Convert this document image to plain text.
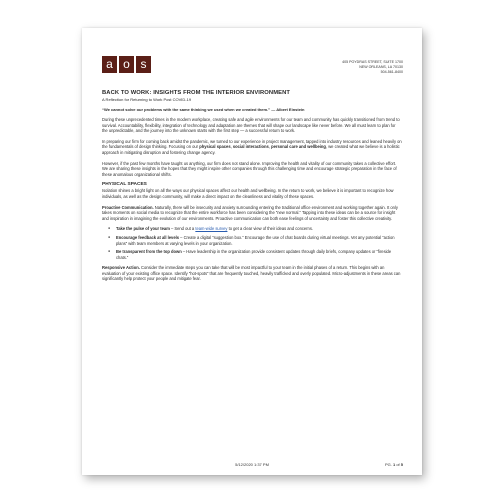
a o s	405 POYDRAS STREET, SUITE 1700
NEW ORLEANS, LA 70130
504-561-8400
BACK TO WORK: INSIGHTS FROM THE INTERIOR ENVIRONMENT
A Reflection for Returning to Work Post COVID-19
“We cannot solve our problems with the same thinking we used when we created them.” — Albert Einstein

During these unprecedented times in the modern workplace, creating safe and agile environments for our team and community has quickly transitioned from trend to survival. Accountability, flexibility, integration of technology and adaptation are themes that will shape our landscape like never before. We all must learn to plan for the unpredictable, and the journey into the unknown starts with the first step — a successful return to work.

In preparing our firm for coming back amidst the pandemic, we turned to our experience in project management, tapped into industry resources and leaned heavily on the fundamentals of design thinking. Focusing on our physical spaces, social interactions, personal care and wellbeing, we created what we believe is a holistic approach in mitigating disruption and fostering change agency.

However, if the past few months have taught us anything, our firm does not stand alone. Improving the health and vitality of our community takes a collective effort. We are sharing these insights in the hopes that they might inspire other companies through this challenging time and encourage strategic preparation in the face of these anomalous organizational shifts.

PHYSICAL SPACES

Isolation shines a bright light on all the ways our physical spaces affect our health and wellbeing. In the return to work, we believe it is important to recognize how individuals, as well as the design community, will make a direct impact on the cleanliness and vitality of these spaces.

Proactive Communication. Naturally, there will be insecurity and anxiety surrounding entering the traditional office environment and working together again. It only takes moments on social media to recognize that the entire workforce has been considering the “new normal.” Tapping into these ideas can be a source for insight and inspiration in imagining the evolution of our environments. Proactive communication can both ease feelings of uncertainty and foster this collective creativity.

● Take the pulse of your team – Send out a team-wide survey to get a clear view of their ideas and concerns.
● Encourage feedback at all levels – Create a digital “suggestion box.” Encourage the use of chat boards during virtual meetings. Vet any potential “action plans” with team members at varying levels in your organization.
● Be transparent from the top down – Have leadership in the organization provide consistent updates through daily briefs, company updates or “fireside chats.”

Responsive Action. Consider the immediate steps you can take that will be most impactful to your team in the initial phases of a return. This begins with an evaluation of your existing office space. Identify “hot-spots” that are frequently touched, heavily trafficked and overly populated. Micro-adjustments in these areas can significantly help protect your people and mitigate fear.

5/12/2020 1:37 PM	PG. 1 of 5
